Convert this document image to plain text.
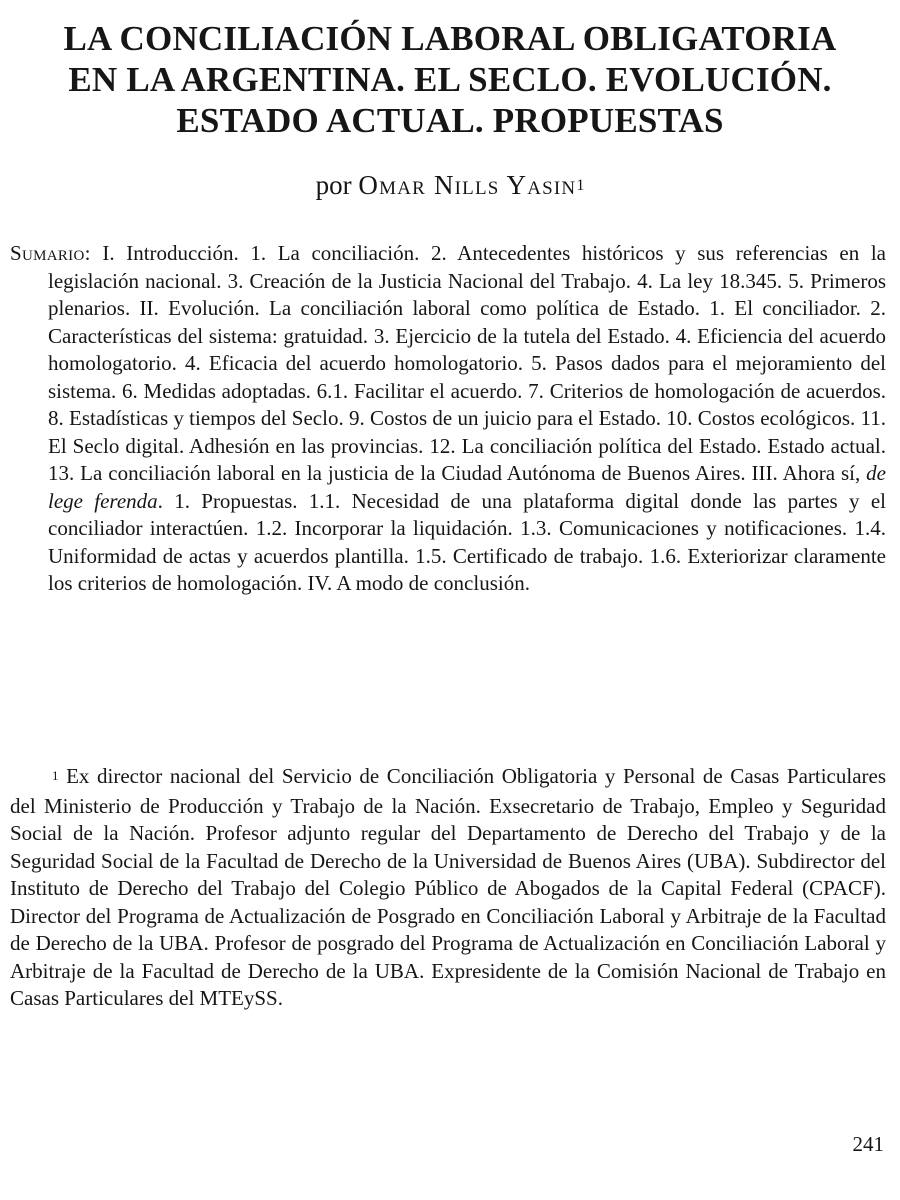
LA CONCILIACIÓN LABORAL OBLIGATORIA
EN LA ARGENTINA. EL SECLO. EVOLUCIÓN.
ESTADO ACTUAL. PROPUESTAS
por Omar Nills Yasin$^1$
Sumario: I. Introducción. 1. La conciliación. 2. Antecedentes históricos y sus referencias en la legislación nacional. 3. Creación de la Justicia Nacional del Trabajo. 4. La ley 18.345. 5. Primeros plenarios. II. Evolución. La conciliación laboral como política de Estado. 1. El conciliador. 2. Características del sistema: gratuidad. 3. Ejercicio de la tutela del Estado. 4. Eficiencia del acuerdo homologatorio. 4. Eficacia del acuerdo homologatorio. 5. Pasos dados para el mejoramiento del sistema. 6. Medidas adoptadas. 6.1. Facilitar el acuerdo. 7. Criterios de homologación de acuerdos. 8. Estadísticas y tiempos del Seclo. 9. Costos de un juicio para el Estado. 10. Costos ecológicos. 11. El Seclo digital. Adhesión en las provincias. 12. La conciliación política del Estado. Estado actual. 13. La conciliación laboral en la justicia de la Ciudad Autónoma de Buenos Aires. III. Ahora sí, de lege ferenda. 1. Propuestas. 1.1. Necesidad de una plataforma digital donde las partes y el conciliador interactúen. 1.2. Incorporar la liquidación. 1.3. Comunicaciones y notificaciones. 1.4. Uniformidad de actas y acuerdos plantilla. 1.5. Certificado de trabajo. 1.6. Exteriorizar claramente los criterios de homologación. IV. A modo de conclusión.

$^1$ Ex director nacional del Servicio de Conciliación Obligatoria y Personal de Casas Particulares del Ministerio de Producción y Trabajo de la Nación. Exsecretario de Trabajo, Empleo y Seguridad Social de la Nación. Profesor adjunto regular del Departamento de Derecho del Trabajo y de la Seguridad Social de la Facultad de Derecho de la Universidad de Buenos Aires (UBA). Subdirector del Instituto de Derecho del Trabajo del Colegio Público de Abogados de la Capital Federal (CPACF). Director del Programa de Actualización de Posgrado en Conciliación Laboral y Arbitraje de la Facultad de Derecho de la UBA. Profesor de posgrado del Programa de Actualización en Conciliación Laboral y Arbitraje de la Facultad de Derecho de la UBA. Expresidente de la Comisión Nacional de Trabajo en Casas Particulares del MTEySS.

241
